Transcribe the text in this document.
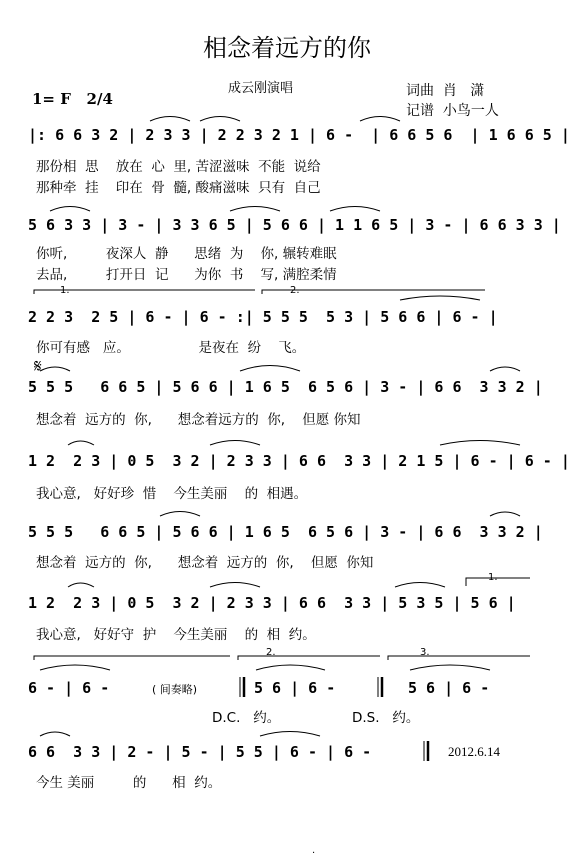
相念着远方的你
成云刚演唱
1= F   2/4	词曲  肖   潇
记谱  小鸟一人
|: 6 6 3 2 | 2 3 3 | 2 2 3 2 1 | 6 -  | 6 6 5 6  | 1 6 6 5 |
那份相  思    放在  心  里, 苦涩滋味  不能  说给
那种牵  挂    印在  骨  髓, 酸痛滋味  只有  自己
5 6 3 3 | 3 - | 3 3 6 5 | 5 6 6 | 1 1 6 5 | 3 - | 6 6 3 3 |
你听,         夜深人  静      思绪  为    你, 辗转难眠
去品,         打开日  记      为你  书    写, 满腔柔情
1.	2.
2 2 3  2 5 | 6 - | 6 - :| 5 5 5  5 3 | 5 6 6 | 6 - |
你可有感   应。                是夜在  纷    飞。
𝄋
5 5 5   6 6 5 | 5 6 6 | 1 6 5  6 5 6 | 3 - | 6 6  3 3 2 |
想念着  远方的  你,      想念着远方的  你,    但愿 你知
1 2  2 3 | 0 5  3 2 | 2 3 3 | 6 6  3 3 | 2 1 5 | 6 - | 6 - |
我心意,   好好珍  惜    今生美丽    的  相遇。
5 5 5   6 6 5 | 5 6 6 | 1 6 5  6 5 6 | 3 - | 6 6  3 3 2 |
想念着  远方的  你,      想念着  远方的  你,    但愿  你知
1.
1 2  2 3 | 0 5  3 2 | 2 3 3 | 6 6  3 3 | 5 3 5 | 5 6 |
我心意,   好好守  护    今生美丽    的  相  约。
2.	3.
6 - | 6 -	( 间奏略)	5 6 | 6 -	5 6 | 6 -
D.C.   约。	D.S.   约。
6 6  3 3 | 2 - | 5 - | 5 5 | 6 - | 6 -	2012.6.14
今生 美丽         的      相  约。
·
